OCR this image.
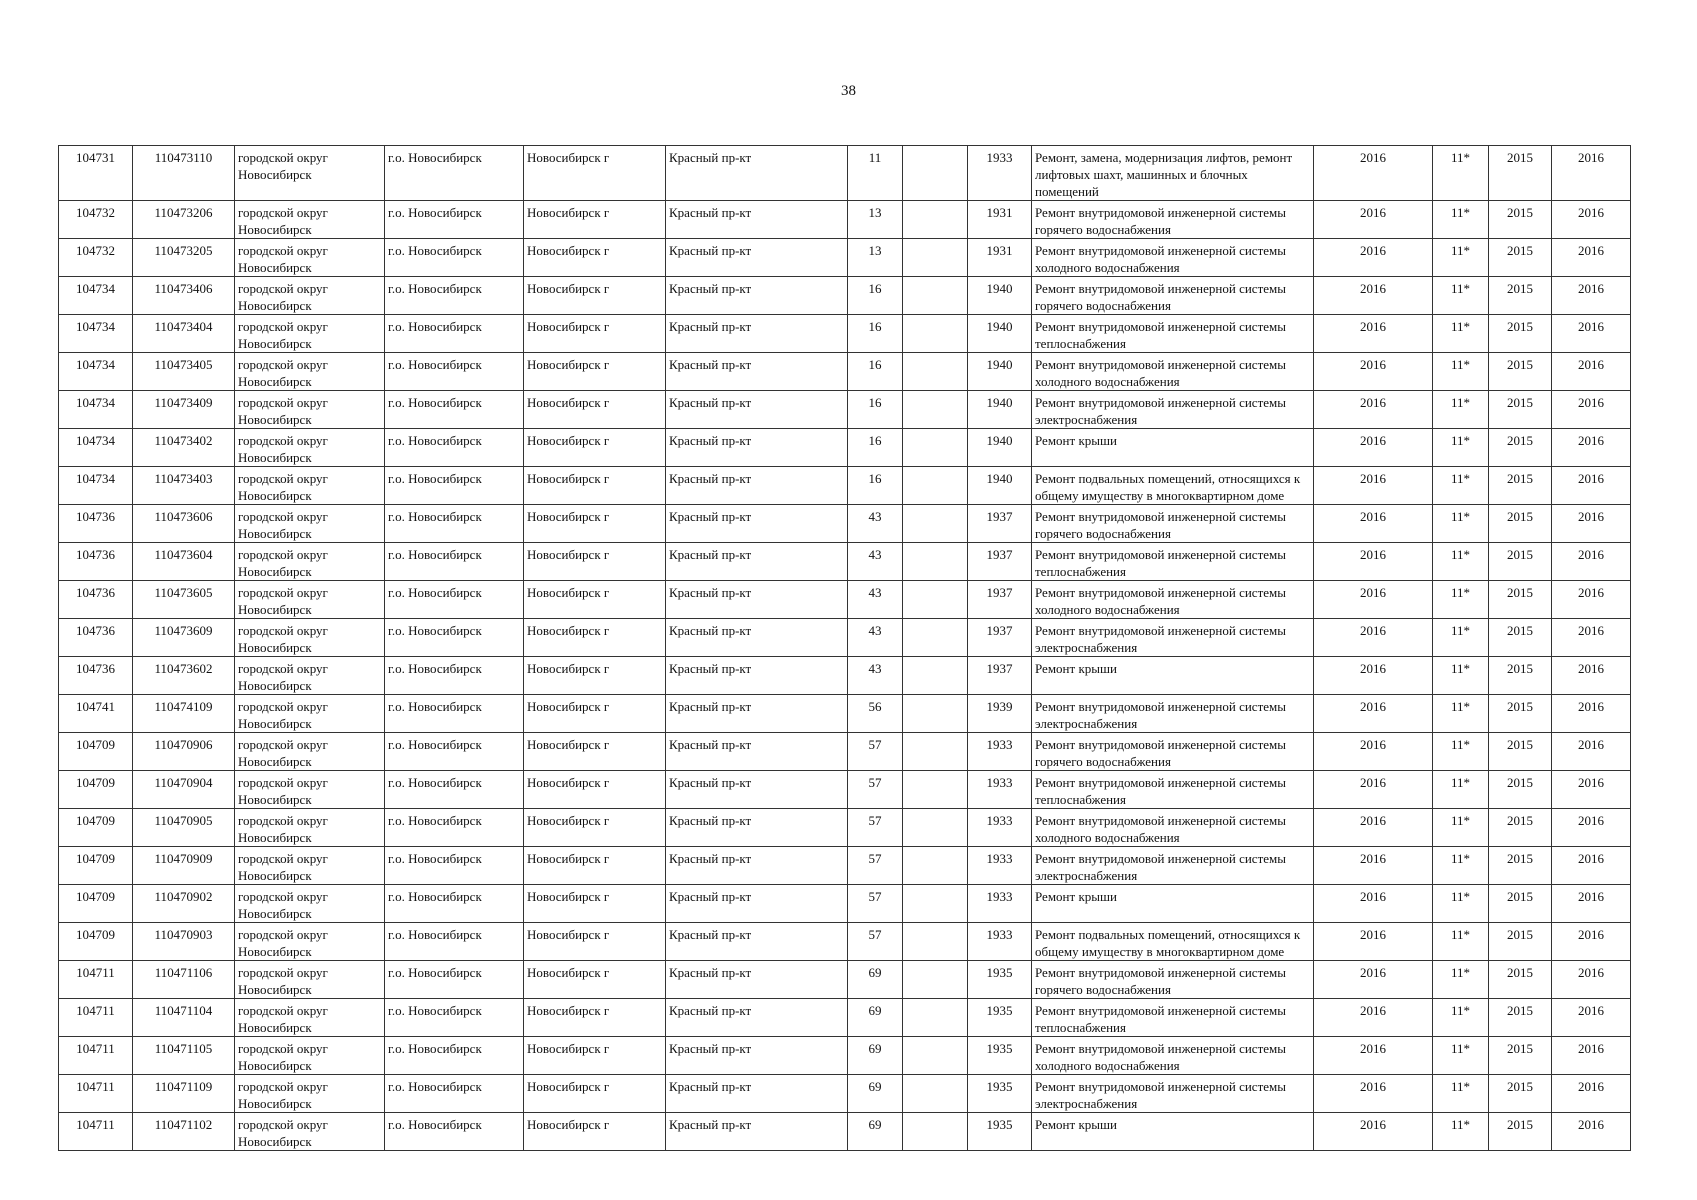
38
104731	110473110	городской округ Новосибирск	г.о. Новосибирск	Новосибирск г	Красный пр-кт	11		1933	Ремонт, замена, модернизация лифтов, ремонт лифтовых шахт, машинных и блочных помещений	2016	11*	2015	2016
104732	110473206	городской округ Новосибирск	г.о. Новосибирск	Новосибирск г	Красный пр-кт	13		1931	Ремонт внутридомовой инженерной системы горячего водоснабжения	2016	11*	2015	2016
104732	110473205	городской округ Новосибирск	г.о. Новосибирск	Новосибирск г	Красный пр-кт	13		1931	Ремонт внутридомовой инженерной системы холодного водоснабжения	2016	11*	2015	2016
104734	110473406	городской округ Новосибирск	г.о. Новосибирск	Новосибирск г	Красный пр-кт	16		1940	Ремонт внутридомовой инженерной системы горячего водоснабжения	2016	11*	2015	2016
104734	110473404	городской округ Новосибирск	г.о. Новосибирск	Новосибирск г	Красный пр-кт	16		1940	Ремонт внутридомовой инженерной системы теплоснабжения	2016	11*	2015	2016
104734	110473405	городской округ Новосибирск	г.о. Новосибирск	Новосибирск г	Красный пр-кт	16		1940	Ремонт внутридомовой инженерной системы холодного водоснабжения	2016	11*	2015	2016
104734	110473409	городской округ Новосибирск	г.о. Новосибирск	Новосибирск г	Красный пр-кт	16		1940	Ремонт внутридомовой инженерной системы электроснабжения	2016	11*	2015	2016
104734	110473402	городской округ Новосибирск	г.о. Новосибирск	Новосибирск г	Красный пр-кт	16		1940	Ремонт крыши	2016	11*	2015	2016
104734	110473403	городской округ Новосибирск	г.о. Новосибирск	Новосибирск г	Красный пр-кт	16		1940	Ремонт подвальных помещений, относящихся к общему имуществу в многоквартирном доме	2016	11*	2015	2016
104736	110473606	городской округ Новосибирск	г.о. Новосибирск	Новосибирск г	Красный пр-кт	43		1937	Ремонт внутридомовой инженерной системы горячего водоснабжения	2016	11*	2015	2016
104736	110473604	городской округ Новосибирск	г.о. Новосибирск	Новосибирск г	Красный пр-кт	43		1937	Ремонт внутридомовой инженерной системы теплоснабжения	2016	11*	2015	2016
104736	110473605	городской округ Новосибирск	г.о. Новосибирск	Новосибирск г	Красный пр-кт	43		1937	Ремонт внутридомовой инженерной системы холодного водоснабжения	2016	11*	2015	2016
104736	110473609	городской округ Новосибирск	г.о. Новосибирск	Новосибирск г	Красный пр-кт	43		1937	Ремонт внутридомовой инженерной системы электроснабжения	2016	11*	2015	2016
104736	110473602	городской округ Новосибирск	г.о. Новосибирск	Новосибирск г	Красный пр-кт	43		1937	Ремонт крыши	2016	11*	2015	2016
104741	110474109	городской округ Новосибирск	г.о. Новосибирск	Новосибирск г	Красный пр-кт	56		1939	Ремонт внутридомовой инженерной системы электроснабжения	2016	11*	2015	2016
104709	110470906	городской округ Новосибирск	г.о. Новосибирск	Новосибирск г	Красный пр-кт	57		1933	Ремонт внутридомовой инженерной системы горячего водоснабжения	2016	11*	2015	2016
104709	110470904	городской округ Новосибирск	г.о. Новосибирск	Новосибирск г	Красный пр-кт	57		1933	Ремонт внутридомовой инженерной системы теплоснабжения	2016	11*	2015	2016
104709	110470905	городской округ Новосибирск	г.о. Новосибирск	Новосибирск г	Красный пр-кт	57		1933	Ремонт внутридомовой инженерной системы холодного водоснабжения	2016	11*	2015	2016
104709	110470909	городской округ Новосибирск	г.о. Новосибирск	Новосибирск г	Красный пр-кт	57		1933	Ремонт внутридомовой инженерной системы электроснабжения	2016	11*	2015	2016
104709	110470902	городской округ Новосибирск	г.о. Новосибирск	Новосибирск г	Красный пр-кт	57		1933	Ремонт крыши	2016	11*	2015	2016
104709	110470903	городской округ Новосибирск	г.о. Новосибирск	Новосибирск г	Красный пр-кт	57		1933	Ремонт подвальных помещений, относящихся к общему имуществу в многоквартирном доме	2016	11*	2015	2016
104711	110471106	городской округ Новосибирск	г.о. Новосибирск	Новосибирск г	Красный пр-кт	69		1935	Ремонт внутридомовой инженерной системы горячего водоснабжения	2016	11*	2015	2016
104711	110471104	городской округ Новосибирск	г.о. Новосибирск	Новосибирск г	Красный пр-кт	69		1935	Ремонт внутридомовой инженерной системы теплоснабжения	2016	11*	2015	2016
104711	110471105	городской округ Новосибирск	г.о. Новосибирск	Новосибирск г	Красный пр-кт	69		1935	Ремонт внутридомовой инженерной системы холодного водоснабжения	2016	11*	2015	2016
104711	110471109	городской округ Новосибирск	г.о. Новосибирск	Новосибирск г	Красный пр-кт	69		1935	Ремонт внутридомовой инженерной системы электроснабжения	2016	11*	2015	2016
104711	110471102	городской округ Новосибирск	г.о. Новосибирск	Новосибирск г	Красный пр-кт	69		1935	Ремонт крыши	2016	11*	2015	2016
